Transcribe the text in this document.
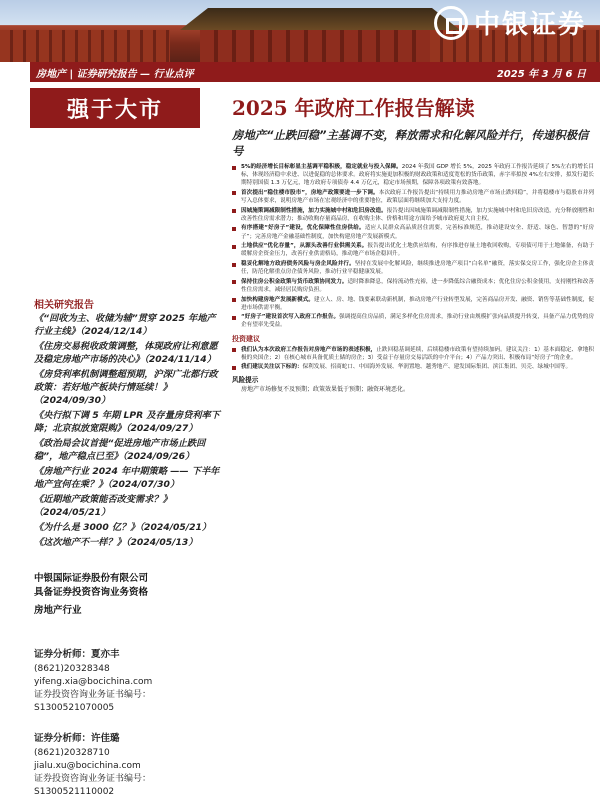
中银证券
房地产 | 证券研究报告 — 行业点评	2025 年 3 月 6 日
强于大市
相关研究报告
《“回收为主、收储为辅”贯穿 2025 年地产行业主线》（2024/12/14）
《住房交易税收政策调整，体现政府让利意愿及稳定房地产市场的决心》（2024/11/14）
《房贷利率机制调整超预期，沪深广北都行政政策：若好地产板块行情延续！》（2024/09/30）
《央行拟下调 5 年期 LPR 及存量房贷利率下降；北京拟放宽限购》（2024/09/27）
《政治局会议首提“促进房地产市场止跌回稳”，地产稳点已至》（2024/09/26）
《房地产行业 2024 年中期策略 —— 下半年地产宜何在乘？》（2024/07/30）
《近期地产政策能否改变需求？》（2024/05/21）
《为什么是 3000 亿？》（2024/05/21）
《这次地产不一样？》（2024/05/13）
中银国际证券股份有限公司
具备证券投资咨询业务资格
房地产行业
证券分析师：夏亦丰
(8621)20328348
yifeng.xia@bocichina.com
证券投资咨询业务证书编号：S1300521070005
证券分析师：许佳璐
(8621)20328710
jialu.xu@bocichina.com
证券投资咨询业务证书编号：S1300521110002
2025 年政府工作报告解读
房地产“止跌回稳”主基调不变，释放需求和化解风险并行，传递积极信号

5%的经济增长目标彰显主基调平稳积极，稳定就业与投入保障。2024 年我国 GDP 增长 5%，2025 年政府工作报告延续了 5%左右的增长目标，体现经济稳中求进、以进促稳的总体要求。政府将实施更加积极的财政政策和适度宽松的货币政策，赤字率拟按 4%左右安排，拟发行超长期特别国债 1.3 万亿元，地方政府专项债券 4.4 万亿元，稳定市场预期，保障各项政策有效落地。

首次提出“稳住楼市股市”，房地产政策要进一步下调。本次政府工作报告提出“持续用力推动房地产市场止跌回稳”，并将稳楼市与稳股市并列写入总体要求，说明房地产市场在宏观经济中的重要地位，政策层面将继续加大支持力度。

因城施策调减限制性措施，加力实施城中村和危旧房改造。报告提出因城施策调减限制性措施，加力实施城中村和危旧房改造，充分释放刚性和改善性住房需求潜力；推动收购存量商品房，在收购主体、价格和用途方面给予城市政府更大自主权。

有序搭建“好房子”建设，优化保障性住房供给。适应人民群众高品质居住需要，完善标准规范，推动建设安全、舒适、绿色、智慧的“好房子”；完善房地产金融基础性制度，加快构建房地产发展新模式。

土地供应“优化存量”，从源头改善行业供需关系。报告提出优化土地供应结构，有序推进存量土地收回收购，专项债可用于土地储备，有助于缓解房企资金压力，改善行业供需格局，推动地产市场企稳回升。

稳妥化解地方政府债务风险与房企风险并行。坚持在发展中化解风险，继续推进房地产项目“白名单”融资，落实保交房工作，强化房企主体责任，防范化解重点房企债务风险，推动行业平稳健康发展。

保持住房公积金政策与货币政策协同发力。适时降准降息，保持流动性充裕，进一步降低综合融资成本；优化住房公积金使用，支持刚性和改善性住房需求，减轻居民购房负担。

加快构建房地产发展新模式。建立人、房、地、钱要素联动新机制，推动房地产行业转型发展，完善商品房开发、融资、销售等基础性制度，促进市场供需平衡。

“好房子”建设首次写入政府工作报告。强调提高住房品质，满足多样化住房需求，推动行业由规模扩张向品质提升转变，具备产品力优势的房企有望率先受益。

投资建议

我们认为本次政府工作报告对房地产市场的表述积极，止跌回稳基调延续，后续稳楼市政策有望持续加码。建议关注：1）基本面稳定、拿地积极的央国企；2）在核心城市具备优质土储的房企；3）受益于存量房交易活跃的中介平台；4）产品力突出、积极布局“好房子”的企业。

我们建议关注以下标的：保利发展、招商蛇口、中国海外发展、华润置地、越秀地产、建发国际集团、滨江集团、贝壳、绿城中国等。

风险提示

房地产市场修复不及预期；政策效果低于预期；融资环境恶化。
